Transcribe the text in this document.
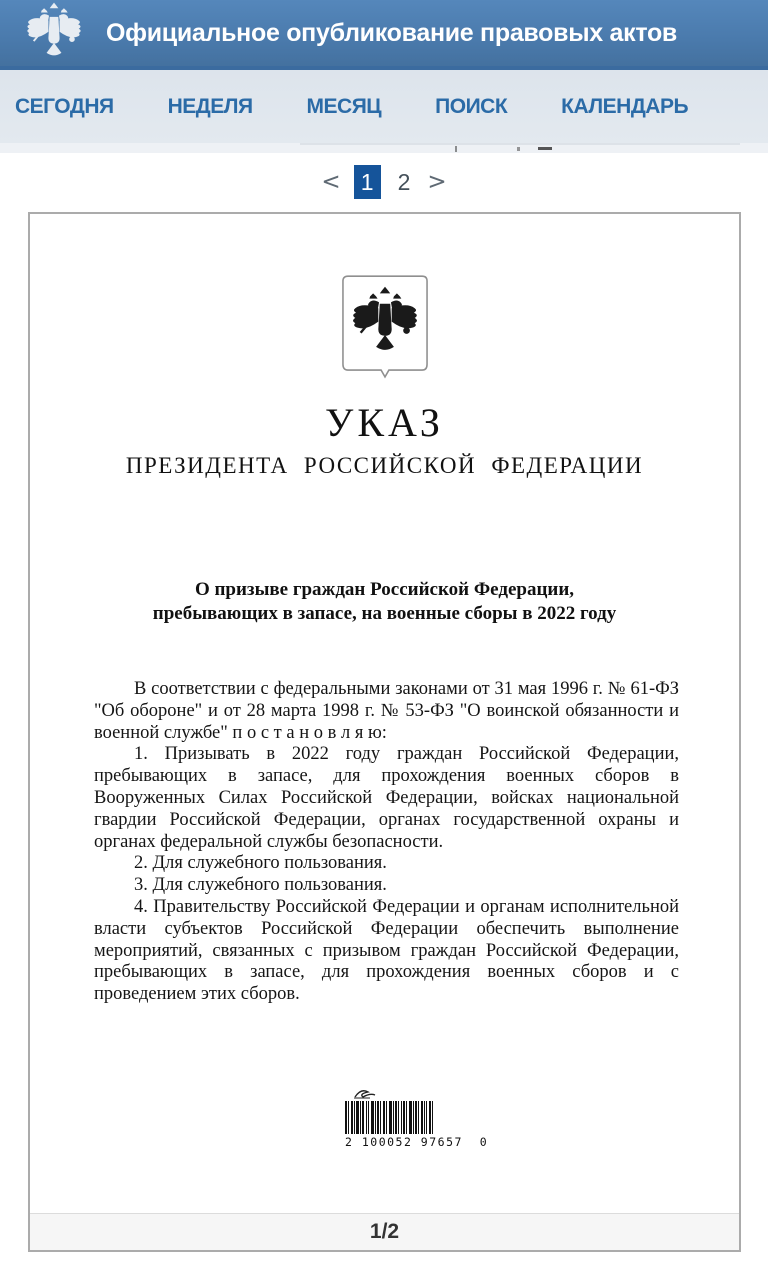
Официальное опубликование правовых актов
СЕГОДНЯ	НЕДЕЛЯ	МЕСЯЦ	ПОИСК	КАЛЕНДАРЬ
< 1	2 >
УКАЗ
ПРЕЗИДЕНТА РОССИЙСКОЙ ФЕДЕРАЦИИ
О призыве граждан Российской Федерации,
пребывающих в запасе, на военные сборы в 2022 году

В соответствии с федеральными законами от 31 мая 1996 г. № 61-ФЗ "Об обороне" и от 28 марта 1998 г. № 53-ФЗ "О воинской обязанности и военной службе" п о с т а н о в л я ю:

1. Призывать в 2022 году граждан Российской Федерации, пребывающих в запасе, для прохождения военных сборов в Вооруженных Силах Российской Федерации, войсках национальной гвардии Российской Федерации, органах государственной охраны и органах федеральной службы безопасности.

2. Для служебного пользования.

3. Для служебного пользования.

4. Правительству Российской Федерации и органам исполнительной власти субъектов Российской Федерации обеспечить выполнение мероприятий, связанных с призывом граждан Российской Федерации, пребывающих в запасе, для прохождения военных сборов и с проведением этих сборов.

2 100052 97657  0
1/2
